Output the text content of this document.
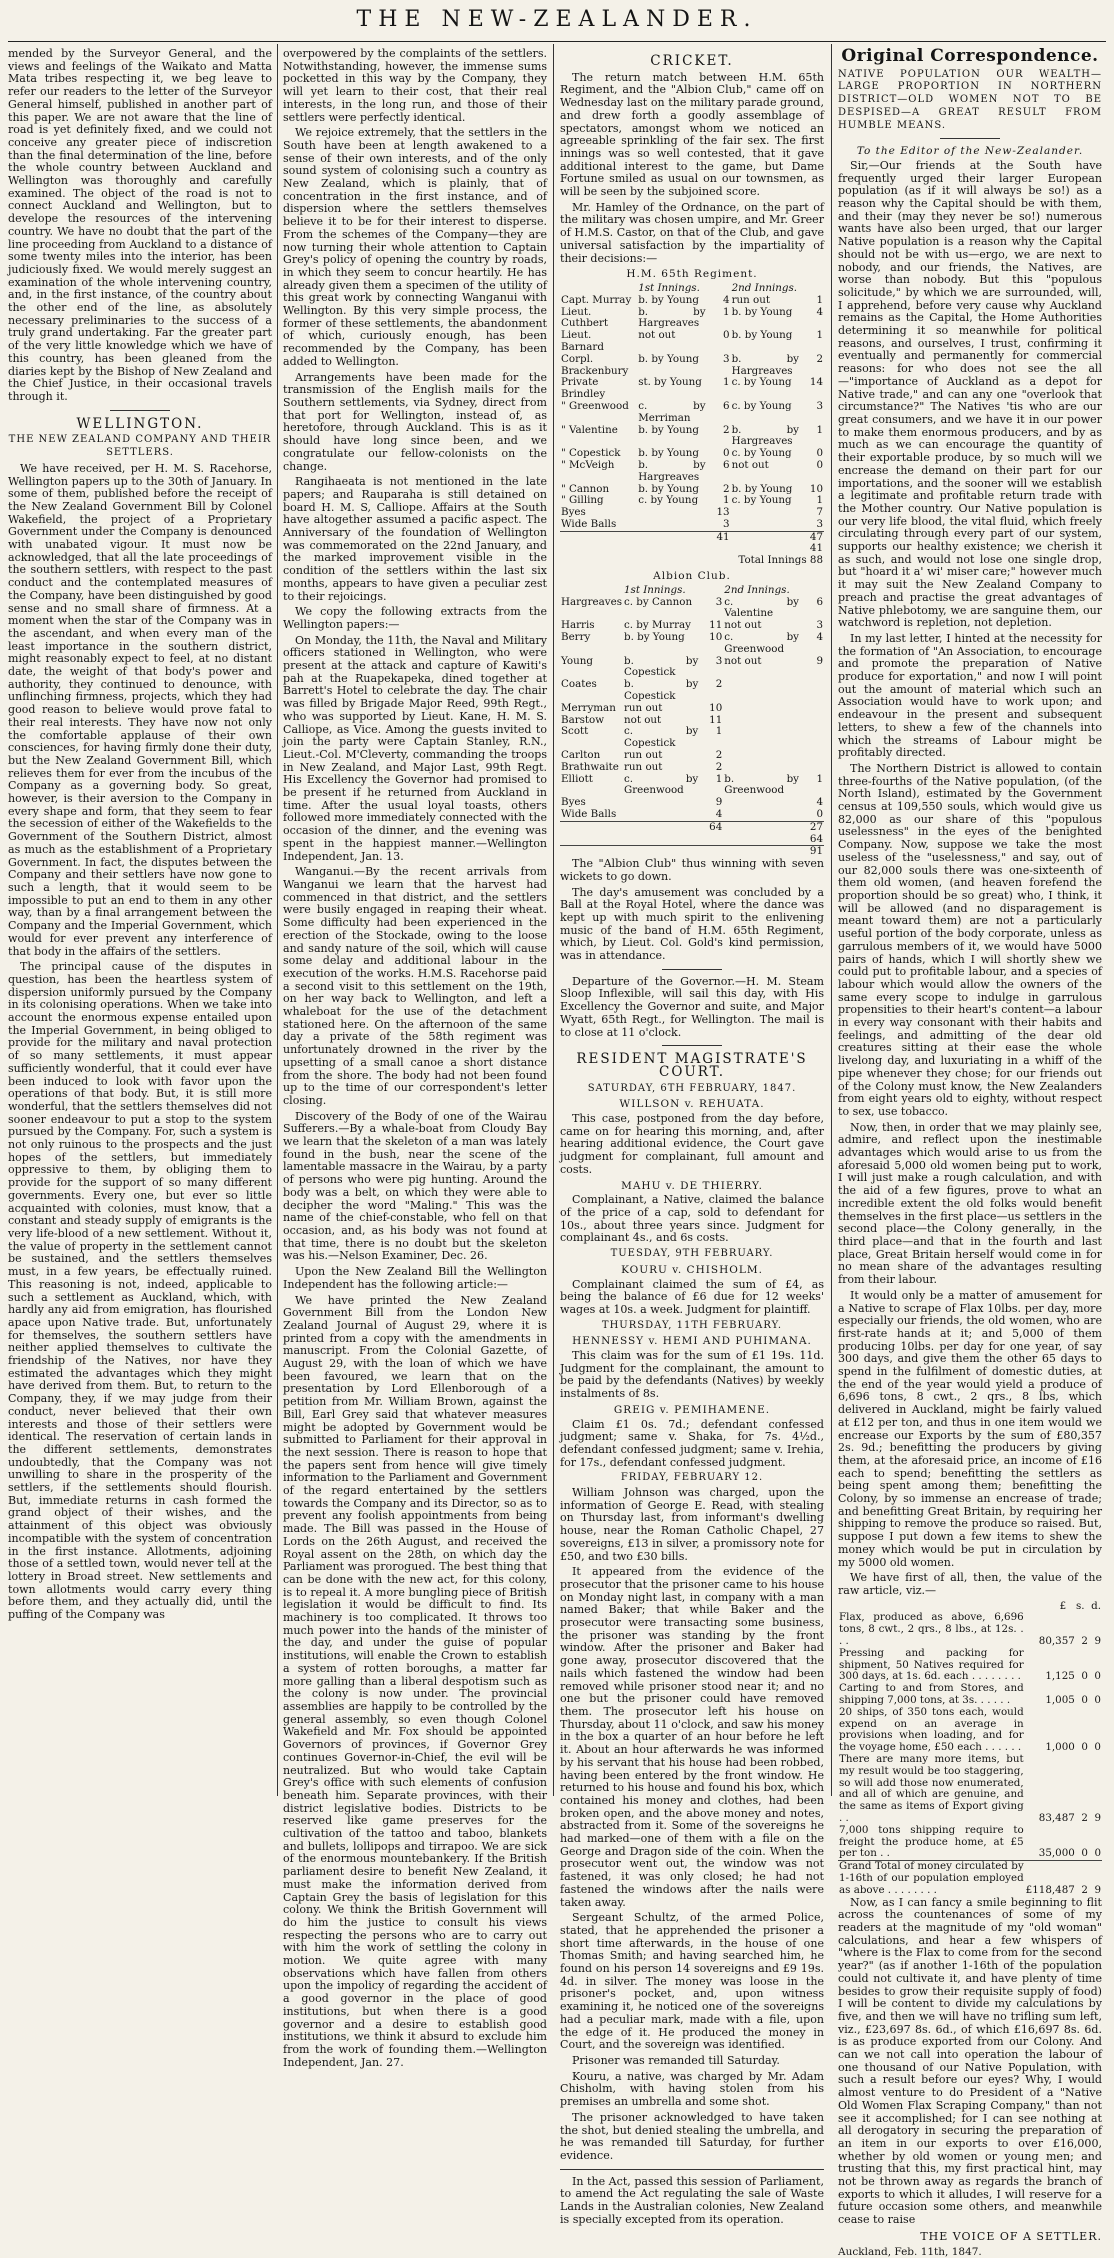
THE NEW-ZEALANDER.

mended by the Surveyor General, and the views and feelings of the Waikato and Matta Mata tribes respecting it, we beg leave to refer our readers to the letter of the Surveyor General himself, published in another part of this paper. We are not aware that the line of road is yet definitely fixed, and we could not conceive any greater piece of indiscretion than the final determination of the line, before the whole country between Auckland and Wellington was thoroughly and carefully examined. The object of the road is not to connect Auckland and Wellington, but to develope the resources of the intervening country. We have no doubt that the part of the line proceeding from Auckland to a distance of some twenty miles into the interior, has been judiciously fixed. We would merely suggest an examination of the whole intervening country, and, in the first instance, of the country about the other end of the line, as absolutely necessary preliminaries to the success of a truly grand undertaking. Far the greater part of the very little knowledge which we have of this country, has been gleaned from the diaries kept by the Bishop of New Zealand and the Chief Justice, in their occasional travels through it.

WELLINGTON.
THE NEW ZEALAND COMPANY AND THEIR SETTLERS.

We have received, per H. M. S. Racehorse, Wellington papers up to the 30th of January. In some of them, published before the receipt of the New Zealand Government Bill by Colonel Wakefield, the project of a Proprietary Government under the Company is denounced with unabated vigour. It must now be acknowledged, that all the late proceedings of the southern settlers, with respect to the past conduct and the contemplated measures of the Company, have been distinguished by good sense and no small share of firmness. At a moment when the star of the Company was in the ascendant, and when every man of the least importance in the southern district, might reasonably expect to feel, at no distant date, the weight of that body's power and authority, they continued to denounce, with unflinching firmness, projects, which they had good reason to believe would prove fatal to their real interests. They have now not only the comfortable applause of their own consciences, for having firmly done their duty, but the New Zealand Government Bill, which relieves them for ever from the incubus of the Company as a governing body. So great, however, is their aversion to the Company in every shape and form, that they seem to fear the secession of either of the Wakefields to the Government of the Southern District, almost as much as the establishment of a Proprietary Government. In fact, the disputes between the Company and their settlers have now gone to such a length, that it would seem to be impossible to put an end to them in any other way, than by a final arrangement between the Company and the Imperial Government, which would for ever prevent any interference of that body in the affairs of the settlers.

The principal cause of the disputes in question, has been the heartless system of dispersion uniformly pursued by the Company in its colonising operations. When we take into account the enormous expense entailed upon the Imperial Government, in being obliged to provide for the military and naval protection of so many settlements, it must appear sufficiently wonderful, that it could ever have been induced to look with favor upon the operations of that body. But, it is still more wonderful, that the settlers themselves did not sooner endeavour to put a stop to the system pursued by the Company. For, such a system is not only ruinous to the prospects and the just hopes of the settlers, but immediately oppressive to them, by obliging them to provide for the support of so many different governments. Every one, but ever so little acquainted with colonies, must know, that a constant and steady supply of emigrants is the very life-blood of a new settlement. Without it, the value of property in the settlement cannot be sustained, and the settlers themselves must, in a few years, be effectually ruined. This reasoning is not, indeed, applicable to such a settlement as Auckland, which, with hardly any aid from emigration, has flourished apace upon Native trade. But, unfortunately for themselves, the southern settlers have neither applied themselves to cultivate the friendship of the Natives, nor have they estimated the advantages which they might have derived from them. But, to return to the Company, they, if we may judge from their conduct, never believed that their own interests and those of their settlers were identical. The reservation of certain lands in the different settlements, demonstrates undoubtedly, that the Company was not unwilling to share in the prosperity of the settlers, if the settlements should flourish. But, immediate returns in cash formed the grand object of their wishes, and the attainment of this object was obviously incompatible with the system of concentration in the first instance. Allotments, adjoining those of a settled town, would never tell at the lottery in Broad street. New settlements and town allotments would carry every thing before them, and they actually did, until the puffing of the Company was

overpowered by the complaints of the settlers. Notwithstanding, however, the immense sums pocketted in this way by the Company, they will yet learn to their cost, that their real interests, in the long run, and those of their settlers were perfectly identical.

We rejoice extremely, that the settlers in the South have been at length awakened to a sense of their own interests, and of the only sound system of colonising such a country as New Zealand, which is plainly, that of concentration in the first instance, and of dispersion where the settlers themselves believe it to be for their interest to disperse. From the schemes of the Company—they are now turning their whole attention to Captain Grey's policy of opening the country by roads, in which they seem to concur heartily. He has already given them a specimen of the utility of this great work by connecting Wanganui with Wellington. By this very simple process, the former of these settlements, the abandonment of which, curiously enough, has been recommended by the Company, has been added to Wellington.

Arrangements have been made for the transmission of the English mails for the Southern settlements, via Sydney, direct from that port for Wellington, instead of, as heretofore, through Auckland. This is as it should have long since been, and we congratulate our fellow-colonists on the change.

Rangihaeata is not mentioned in the late papers; and Rauparaha is still detained on board H. M. S, Calliope. Affairs at the South have altogether assumed a pacific aspect. The Anniversary of the foundation of Wellington was commemorated on the 22nd January, and the marked improvement visible in the condition of the settlers within the last six months, appears to have given a peculiar zest to their rejoicings.

We copy the following extracts from the Wellington papers:—

On Monday, the 11th, the Naval and Military officers stationed in Wellington, who were present at the attack and capture of Kawiti's pah at the Ruapekapeka, dined together at Barrett's Hotel to celebrate the day. The chair was filled by Brigade Major Reed, 99th Regt., who was supported by Lieut. Kane, H. M. S. Calliope, as Vice. Among the guests invited to join the party were Captain Stanley, R.N., Lieut.-Col. M'Cleverty, commanding the troops in New Zealand, and Major Last, 99th Regt. His Excellency the Governor had promised to be present if he returned from Auckland in time. After the usual loyal toasts, others followed more immediately connected with the occasion of the dinner, and the evening was spent in the happiest manner.—Wellington Independent, Jan. 13.

Wanganui.—By the recent arrivals from Wanganui we learn that the harvest had commenced in that district, and the settlers were busily engaged in reaping their wheat. Some difficulty had been experienced in the erection of the Stockade, owing to the loose and sandy nature of the soil, which will cause some delay and additional labour in the execution of the works. H.M.S. Racehorse paid a second visit to this settlement on the 19th, on her way back to Wellington, and left a whaleboat for the use of the detachment stationed here. On the afternoon of the same day a private of the 58th regiment was unfortunately drowned in the river by the upsetting of a small canoe a short distance from the shore. The body had not been found up to the time of our correspondent's letter closing.

Discovery of the Body of one of the Wairau Sufferers.—By a whale-boat from Cloudy Bay we learn that the skeleton of a man was lately found in the bush, near the scene of the lamentable massacre in the Wairau, by a party of persons who were pig hunting. Around the body was a belt, on which they were able to decipher the word "Maling." This was the name of the chief-constable, who fell on that occasion, and, as his body was not found at that time, there is no doubt but the skeleton was his.—Nelson Examiner, Dec. 26.

Upon the New Zealand Bill the Wellington Independent has the following article:—

We have printed the New Zealand Government Bill from the London New Zealand Journal of August 29, where it is printed from a copy with the amendments in manuscript. From the Colonial Gazette, of August 29, with the loan of which we have been favoured, we learn that on the presentation by Lord Ellenborough of a petition from Mr. William Brown, against the Bill, Earl Grey said that whatever measures might be adopted by Government would be submitted to Parliament for their approval in the next session. There is reason to hope that the papers sent from hence will give timely information to the Parliament and Government of the regard entertained by the settlers towards the Company and its Director, so as to prevent any foolish appointments from being made. The Bill was passed in the House of Lords on the 26th August, and received the Royal assent on the 28th, on which day the Parliament was prorogued. The best thing that can be done with the new act, for this colony, is to repeal it. A more bungling piece of British legislation it would be difficult to find. Its machinery is too complicated. It throws too much power into the hands of the minister of the day, and under the guise of popular institutions, will enable the Crown to establish a system of rotten boroughs, a matter far more galling than a liberal despotism such as the colony is now under. The provincial assemblies are happily to be controlled by the general assembly, so even though Colonel Wakefield and Mr. Fox should be appointed Governors of provinces, if Governor Grey continues Governor-in-Chief, the evil will be neutralized. But who would take Captain Grey's office with such elements of confusion beneath him. Separate provinces, with their district legislative bodies. Districts to be reserved like game preserves for the cultivation of the tattoo and taboo, blankets and bullets, lollipops and tirrapoo. We are sick of the enormous mountebankery. If the British parliament desire to benefit New Zealand, it must make the information derived from Captain Grey the basis of legislation for this colony. We think the British Government will do him the justice to consult his views respecting the persons who are to carry out with him the work of settling the colony in motion. We quite agree with many observations which have fallen from others upon the impolicy of regarding the accident of a good governor in the place of good institutions, but when there is a good governor and a desire to establish good institutions, we think it absurd to exclude him from the work of founding them.—Wellington Independent, Jan. 27.

CRICKET.

The return match between H.M. 65th Regiment, and the "Albion Club," came off on Wednesday last on the military parade ground, and drew forth a goodly assemblage of spectators, amongst whom we noticed an agreeable sprinkling of the fair sex. The first innings was so well contested, that it gave additional interest to the game, but Dame Fortune smiled as usual on our townsmen, as will be seen by the subjoined score.

Mr. Hamley of the Ordnance, on the part of the military was chosen umpire, and Mr. Greer of H.M.S. Castor, on that of the Club, and gave universal satisfaction by the impartiality of their decisions:—

H.M. 65th Regiment.
	1st Innings.		2nd Innings.	
Capt. Murray	b. by Young	4	run out	1
Lieut. Cuthbert	b. by Hargreaves	1	b. by Young	4
Lieut. Barnard	not out	0	b. by Young	1
Corpl. Brackenbury	b. by Young	3	b. by Hargreaves	2
Private Brindley	st. by Young	1	c. by Young	14
" Greenwood	c. by Merriman	6	c. by Young	3
" Valentine	b. by Young	2	b. by Hargreaves	1
" Copestick	b. by Young	0	c. by Young	0
" McVeigh	b. by Hargreaves	6	not out	0
" Cannon	b. by Young	2	b. by Young	10
" Gilling	c. by Young	1	c. by Young	1
Byes		13		7
Wide Balls		3		3
		41		47
				41
Total Innings 88				
Albion Club.
	1st Innings.		2nd Innings.	
Hargreaves	c. by Cannon	3	c. by Valentine	6
Harris	c. by Murray	11	not out	3
Berry	b. by Young	10	c. by Greenwood	4
Young	b. by Copestick	3	not out	9
Coates	b. by Copestick	2		
Merryman	run out	10		
Barstow	not out	11		
Scott	c. by Copestick	1		
Carlton	run out	2		
Brathwaite	run out	2		
Elliott	c. by Greenwood	1	b. by Greenwood	1
Byes		9		4
Wide Balls		4		0
		64		27
				64
				91

The "Albion Club" thus winning with seven wickets to go down.

The day's amusement was concluded by a Ball at the Royal Hotel, where the dance was kept up with much spirit to the enlivening music of the band of H.M. 65th Regiment, which, by Lieut. Col. Gold's kind permission, was in attendance.

Departure of the Governor.—H. M. Steam Sloop Inflexible, will sail this day, with His Excellency the Governor and suite, and Major Wyatt, 65th Regt., for Wellington. The mail is to close at 11 o'clock.

RESIDENT MAGISTRATE'S COURT.
SATURDAY, 6TH FEBRUARY, 1847.
WILLSON v. REHUATA.

This case, postponed from the day before, came on for hearing this morning, and, after hearing additional evidence, the Court gave judgment for complainant, full amount and costs.

MAHU v. DE THIERRY.

Complainant, a Native, claimed the balance of the price of a cap, sold to defendant for 10s., about three years since. Judgment for complainant 4s., and 6s costs.

TUESDAY, 9TH FEBRUARY.
KOURU v. CHISHOLM.

Complainant claimed the sum of £4, as being the balance of £6 due for 12 weeks' wages at 10s. a week. Judgment for plaintiff.

THURSDAY, 11TH FEBRUARY.
HENNESSY v. HEMI AND PUHIMANA.

This claim was for the sum of £1 19s. 11d. Judgment for the complainant, the amount to be paid by the defendants (Natives) by weekly instalments of 8s.

GREIG v. PEMIHAMENE.

Claim £1 0s. 7d.; defendant confessed judgment; same v. Shaka, for 7s. 4½d., defendant confessed judgment; same v. Irehia, for 17s., defendant confessed judgment.

FRIDAY, FEBRUARY 12.

William Johnson was charged, upon the information of George E. Read, with stealing on Thursday last, from informant's dwelling house, near the Roman Catholic Chapel, 27 sovereigns, £13 in silver, a promissory note for £50, and two £30 bills.

It appeared from the evidence of the prosecutor that the prisoner came to his house on Monday night last, in company with a man named Baker; that while Baker and the prosecutor were transacting some business, the prisoner was standing by the front window. After the prisoner and Baker had gone away, prosecutor discovered that the nails which fastened the window had been removed while prisoner stood near it; and no one but the prisoner could have removed them. The prosecutor left his house on Thursday, about 11 o'clock, and saw his money in the box a quarter of an hour before he left it. About an hour afterwards he was informed by his servant that his house had been robbed, having been entered by the front window. He returned to his house and found his box, which contained his money and clothes, had been broken open, and the above money and notes, abstracted from it. Some of the sovereigns he had marked—one of them with a file on the George and Dragon side of the coin. When the prosecutor went out, the window was not fastened, it was only closed; he had not fastened the windows after the nails were taken away.

Sergeant Schultz, of the armed Police, stated, that he apprehended the prisoner a short time afterwards, in the house of one Thomas Smith; and having searched him, he found on his person 14 sovereigns and £9 19s. 4d. in silver. The money was loose in the prisoner's pocket, and, upon witness examining it, he noticed one of the sovereigns had a peculiar mark, made with a file, upon the edge of it. He produced the money in Court, and the sovereign was identified.

Prisoner was remanded till Saturday.

Kouru, a native, was charged by Mr. Adam Chisholm, with having stolen from his premises an umbrella and some shot.

The prisoner acknowledged to have taken the shot, but denied stealing the umbrella, and he was remanded till Saturday, for further evidence.

In the Act, passed this session of Parliament, to amend the Act regulating the sale of Waste Lands in the Australian colonies, New Zealand is specially excepted from its operation.

Original Correspondence.
NATIVE POPULATION OUR WEALTH—LARGE PROPORTION IN NORTHERN DISTRICT—OLD WOMEN NOT TO BE DESPISED—A GREAT RESULT FROM HUMBLE MEANS.
To the Editor of the New-Zealander.

Sir,—Our friends at the South have frequently urged their larger European population (as if it will always be so!) as a reason why the Capital should be with them, and their (may they never be so!) numerous wants have also been urged, that our larger Native population is a reason why the Capital should not be with us—ergo, we are next to nobody, and our friends, the Natives, are worse than nobody. But this "populous solicitude," by which we are surrounded, will, I apprehend, before very cause why Auckland remains as the Capital, the Home Authorities determining it so meanwhile for political reasons, and ourselves, I trust, confirming it eventually and permanently for commercial reasons: for who does not see the all—"importance of Auckland as a depot for Native trade," and can any one "overlook that circumstance?" The Natives 'tis who are our great consumers, and we have it in our power to make them enormous producers, and by as much as we can encourage the quantity of their exportable produce, by so much will we encrease the demand on their part for our importations, and the sooner will we establish a legitimate and profitable return trade with the Mother country. Our Native population is our very life blood, the vital fluid, which freely circulating through every part of our system, supports our healthy existence; we cherish it as such, and would not lose one single drop, but "hoard it a' wi' miser care;" however much it may suit the New Zealand Company to preach and practise the great advantages of Native phlebotomy, we are sanguine them, our watchword is repletion, not depletion.

In my last letter, I hinted at the necessity for the formation of "An Association, to encourage and promote the preparation of Native produce for exportation," and now I will point out the amount of material which such an Association would have to work upon; and endeavour in the present and subsequent letters, to shew a few of the channels into which the streams of Labour might be profitably directed.

The Northern District is allowed to contain three-fourths of the Native population, (of the North Island), estimated by the Government census at 109,550 souls, which would give us 82,000 as our share of this "populous uselessness" in the eyes of the benighted Company. Now, suppose we take the most useless of the "uselessness," and say, out of our 82,000 souls there was one-sixteenth of them old women, (and heaven forefend the proportion should be so great) who, I think, it will be allowed (and no disparagement is meant toward them) are not a particularly useful portion of the body corporate, unless as garrulous members of it, we would have 5000 pairs of hands, which I will shortly shew we could put to profitable labour, and a species of labour which would allow the owners of the same every scope to indulge in garrulous propensities to their heart's content—a labour in every way consonant with their habits and feelings, and admitting of the dear old creatures sitting at their ease the whole livelong day, and luxuriating in a whiff of the pipe whenever they chose; for our friends out of the Colony must know, the New Zealanders from eight years old to eighty, without respect to sex, use tobacco.

Now, then, in order that we may plainly see, admire, and reflect upon the inestimable advantages which would arise to us from the aforesaid 5,000 old women being put to work, I will just make a rough calculation, and with the aid of a few figures, prove to what an incredible extent the old folks would benefit themselves in the first place—us settlers in the second place—the Colony generally, in the third place—and that in the fourth and last place, Great Britain herself would come in for no mean share of the advantages resulting from their labour.

It would only be a matter of amusement for a Native to scrape of Flax 10lbs. per day, more especially our friends, the old women, who are first-rate hands at it; and 5,000 of them producing 10lbs. per day for one year, of say 300 days, and give them the other 65 days to spend in the fulfilment of domestic duties, at the end of the year would yield a produce of 6,696 tons, 8 cwt., 2 qrs., 8 lbs, which delivered in Auckland, might be fairly valued at £12 per ton, and thus in one item would we encrease our Exports by the sum of £80,357 2s. 9d.; benefitting the producers by giving them, at the aforesaid price, an income of £16 each to spend; benefitting the settlers as being spent among them; benefitting the Colony, by so immense an encrease of trade; and benefitting Great Britain, by requiring her shipping to remove the produce so raised. But, suppose I put down a few items to shew the money which would be put in circulation by my 5000 old women.

We have first of all, then, the value of the raw article, viz.—

	£   s.  d.
Flax, produced as above, 6,696 tons, 8 cwt., 2 qrs., 8 lbs., at 12s. . . .	80,357  2  9
Pressing and packing for shipment, 50 Natives required for 300 days, at 1s. 6d. each . . . . . . . .	1,125  0  0
Carting to and from Stores, and shipping 7,000 tons, at 3s. . . . . .	1,005  0  0
20 ships, of 350 tons each, would expend on an average in provisions when loading, and for the voyage home, £50 each . . . . . .	1,000  0  0
There are many more items, but my result would be too staggering, so will add those now enumerated, and all of which are genuine, and the same as items of Export giving . .	83,487  2  9
7,000 tons shipping require to freight the produce home, at £5 per ton . .	35,000  0  0
Grand Total of money circulated by 1-16th of our population employed as above . . . . . . . .	£118,487  2  9

Now, as I can fancy a smile beginning to flit across the countenances of some of my readers at the magnitude of my "old woman" calculations, and hear a few whispers of "where is the Flax to come from for the second year?" (as if another 1-16th of the population could not cultivate it, and have plenty of time besides to grow their requisite supply of food) I will be content to divide my calculations by five, and then we will have no trifling sum left, viz., £23,697 8s. 6d., of which £16,697 8s. 6d. is as produce exported from our Colony. And can we not call into operation the labour of one thousand of our Native Population, with such a result before our eyes? Why, I would almost venture to do President of a "Native Old Women Flax Scraping Company," than not see it accomplished; for I can see nothing at all derogatory in securing the preparation of an item in our exports to over £16,000, whether by old women or young men; and trusting that this, my first practical hint, may not be thrown away as regards the branch of exports to which it alludes, I will reserve for a future occasion some others, and meanwhile cease to raise

THE VOICE OF A SETTLER.
Auckland, Feb. 11th, 1847.
